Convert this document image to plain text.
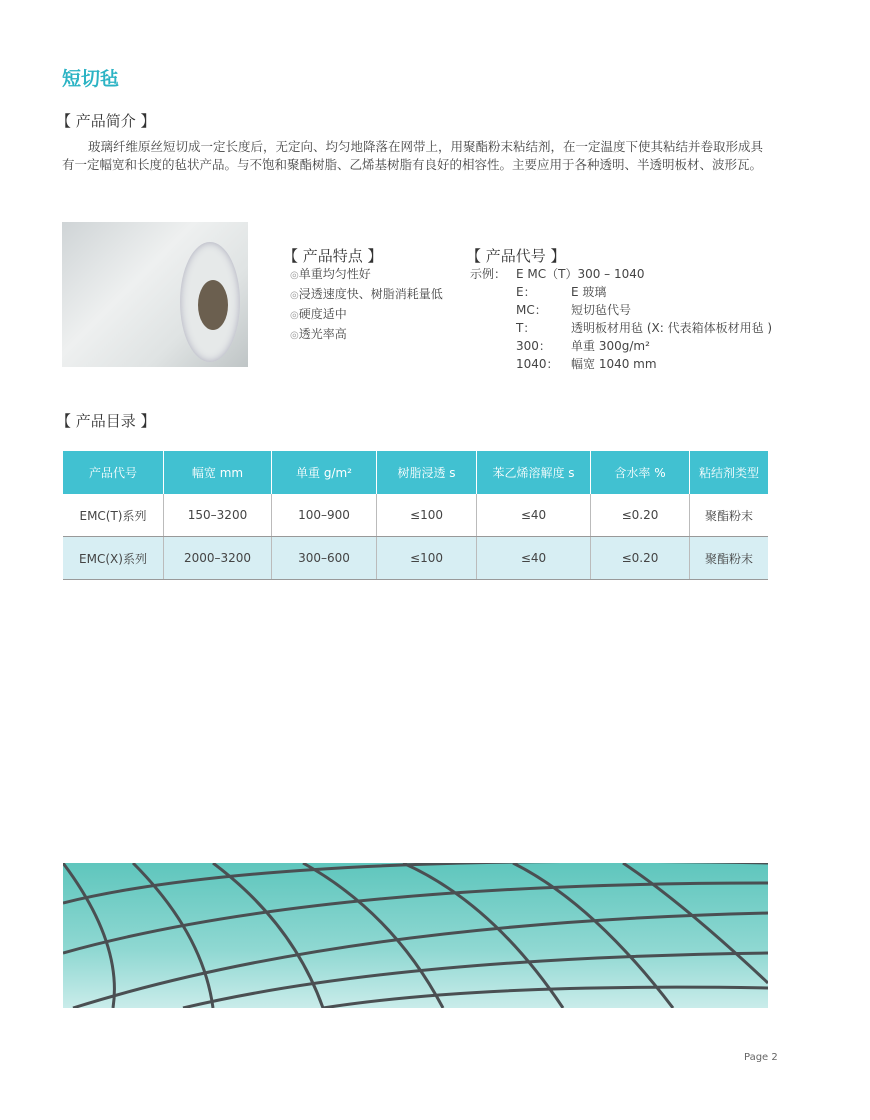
短切毡
【 产品简介 】
玻璃纤维原丝短切成一定长度后，无定向、均匀地降落在网带上，用聚酯粉末粘结剂，在一定温度下使其粘结并卷取形成具有一定幅宽和长度的毡状产品。与不饱和聚酯树脂、乙烯基树脂有良好的相容性。主要应用于各种透明、半透明板材、波形瓦。
【 产品特点 】
◎单重均匀性好
◎浸透速度快、树脂消耗量低
◎硬度适中
◎透光率高
【 产品代号 】
示例： E MC（T）300 – 1040
E：	E 玻璃
MC： 短切毡代号
T：	透明板材用毡 (X: 代表箱体板材用毡 )
300： 单重 300g/m²
1040： 幅宽 1040 mm
【 产品目录 】
产品代号	幅宽 mm	单重 g/m²	树脂浸透 s	苯乙烯溶解度 s	含水率 %	粘结剂类型
EMC(T)系列	150–3200	100–900	≤100	≤40	≤0.20	聚酯粉末
EMC(X)系列	2000–3200	300–600	≤100	≤40	≤0.20	聚酯粉末
Page 2
